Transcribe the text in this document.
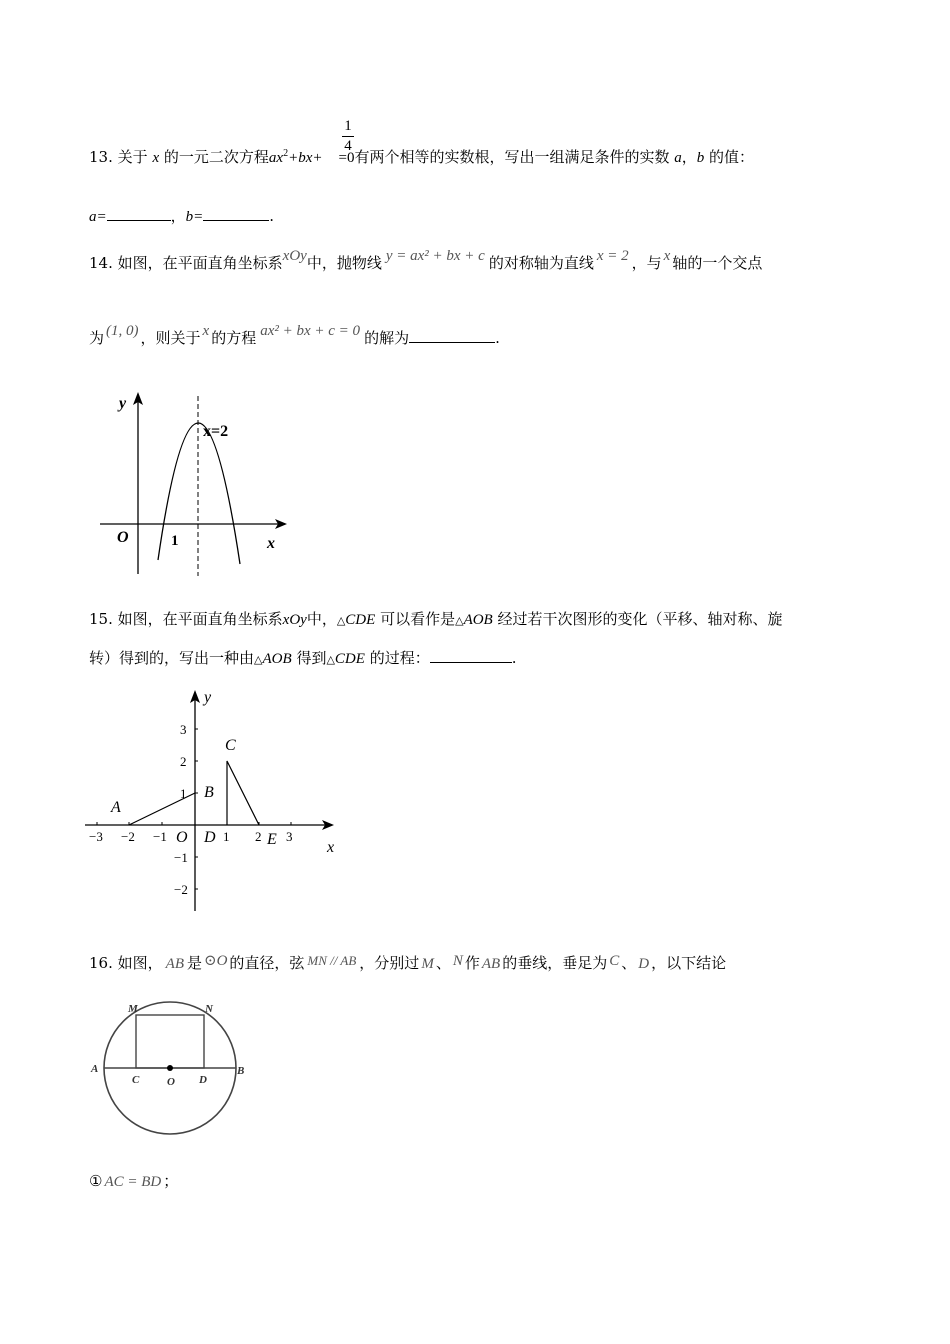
1
4
13. 关于 x 的一元二次方程$ax^2+bx+ =0$有两个相等的实数根，写出一组满足条件的实数 a，b 的值：
a=	，b=	.
14. 如图，在平面直角坐标系xOy中，抛物线 y = ax² + bx + c 的对称轴为直线 x = 2 ，与 x 轴的一个交点
为 (1, 0) ，则关于 x 的方程 ax² + bx + c = 0 的解为	.
y
x
O	1
x=2
15. 如图，在平面直角坐标系xOy中，△CDE 可以看作是△AOB 经过若干次图形的变化（平移、轴对称、旋
转）得到的，写出一种由△AOB 得到△CDE 的过程：	.
−3 −2 −1	1 2 3
3
2
1
−1
−2
y
x
O
A
B
C
D	E
16. 如图， AB 是 ⊙O 的直径，弦 MN // AB ，分别过 M 、 N 作 AB 的垂线，垂足为 C 、 D ，以下结论
M	N
A	B
C	O D
① AC = BD ；
